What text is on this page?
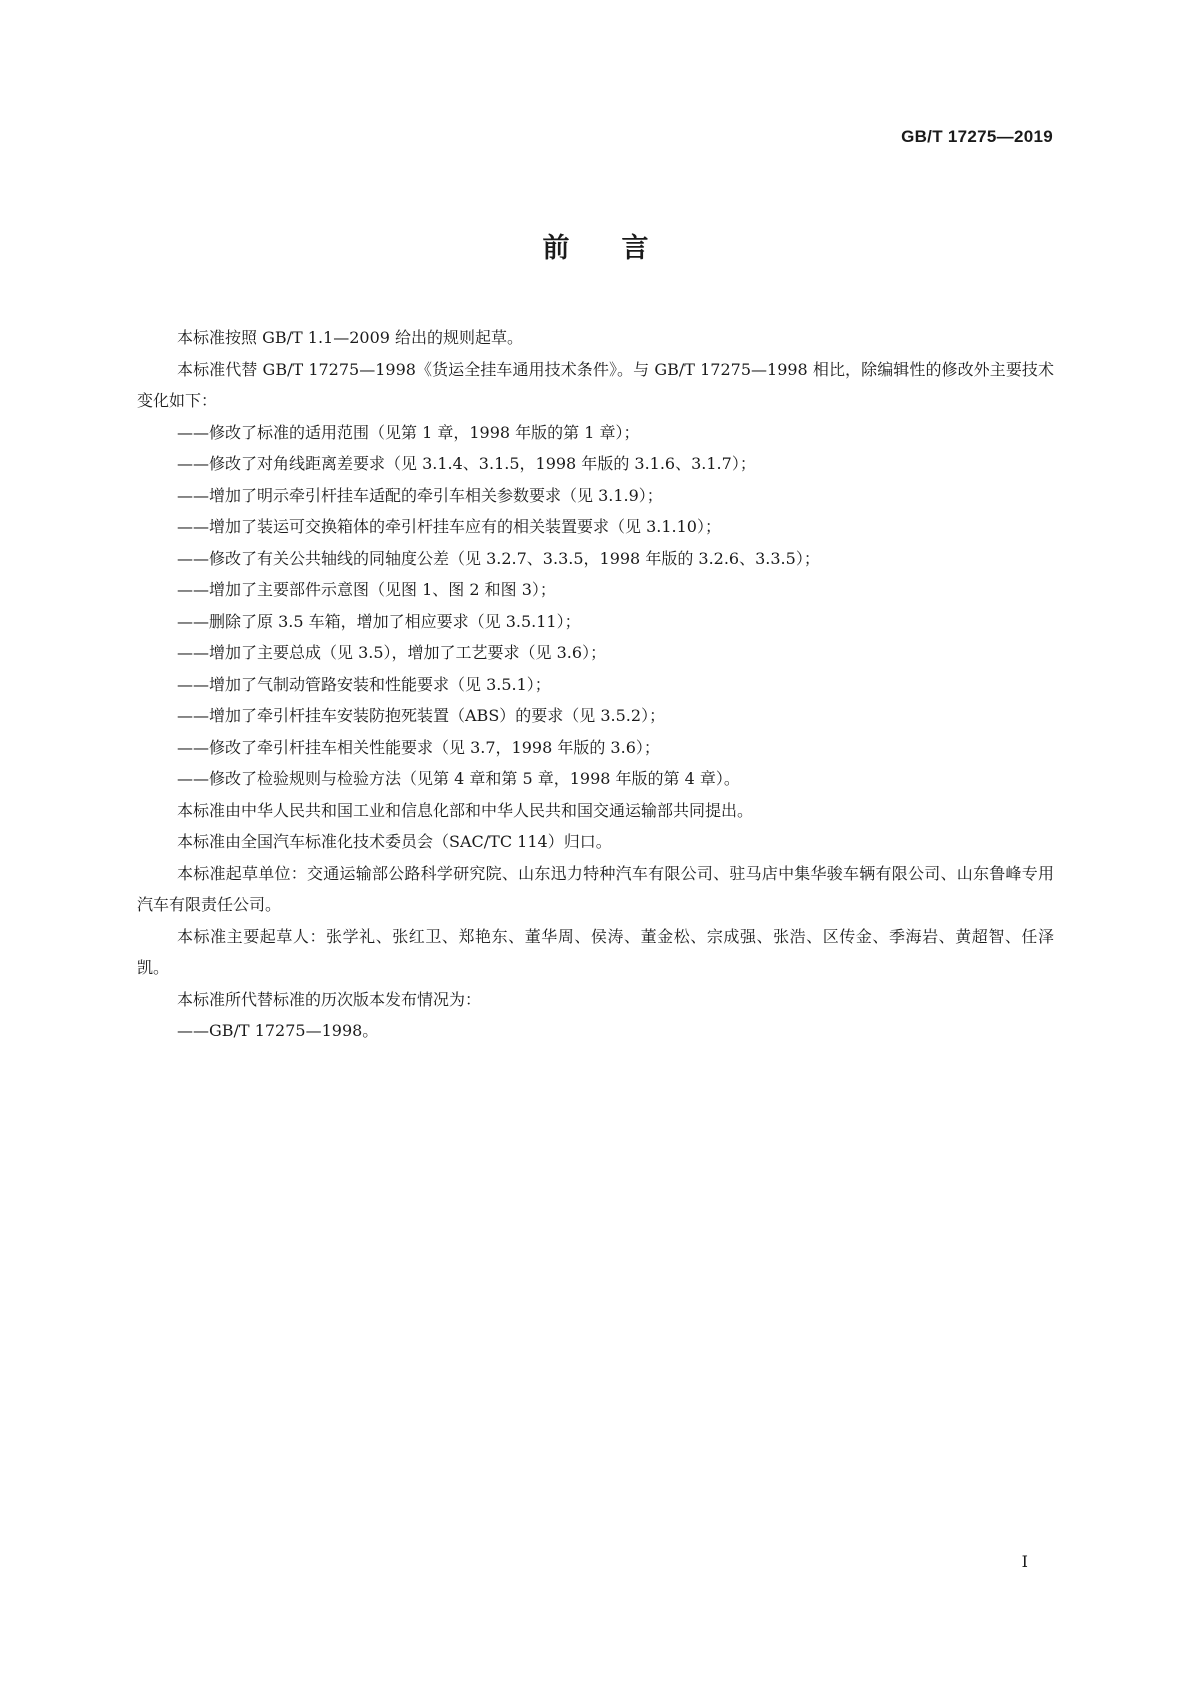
GB/T 17275—2019
前言

本标准按照 GB/T 1.1—2009 给出的规则起草。

本标准代替 GB/T 17275—1998《货运全挂车通用技术条件》。与 GB/T 17275—1998 相比，除编辑性的修改外主要技术变化如下：

——修改了标准的适用范围（见第 1 章，1998 年版的第 1 章）；

——修改了对角线距离差要求（见 3.1.4、3.1.5，1998 年版的 3.1.6、3.1.7）；

——增加了明示牵引杆挂车适配的牵引车相关参数要求（见 3.1.9）；

——增加了装运可交换箱体的牵引杆挂车应有的相关装置要求（见 3.1.10）；

——修改了有关公共轴线的同轴度公差（见 3.2.7、3.3.5，1998 年版的 3.2.6、3.3.5）；

——增加了主要部件示意图（见图 1、图 2 和图 3）；

——删除了原 3.5 车箱，增加了相应要求（见 3.5.11）；

——增加了主要总成（见 3.5），增加了工艺要求（见 3.6）；

——增加了气制动管路安装和性能要求（见 3.5.1）；

——增加了牵引杆挂车安装防抱死装置（ABS）的要求（见 3.5.2）；

——修改了牵引杆挂车相关性能要求（见 3.7，1998 年版的 3.6）；

——修改了检验规则与检验方法（见第 4 章和第 5 章，1998 年版的第 4 章）。

本标准由中华人民共和国工业和信息化部和中华人民共和国交通运输部共同提出。

本标准由全国汽车标准化技术委员会（SAC/TC 114）归口。

本标准起草单位：交通运输部公路科学研究院、山东迅力特种汽车有限公司、驻马店中集华骏车辆有限公司、山东鲁峰专用汽车有限责任公司。

本标准主要起草人：张学礼、张红卫、郑艳东、董华周、侯涛、董金松、宗成强、张浩、区传金、季海岩、黄超智、任泽凯。

本标准所代替标准的历次版本发布情况为：

——GB/T 17275—1998。

I
